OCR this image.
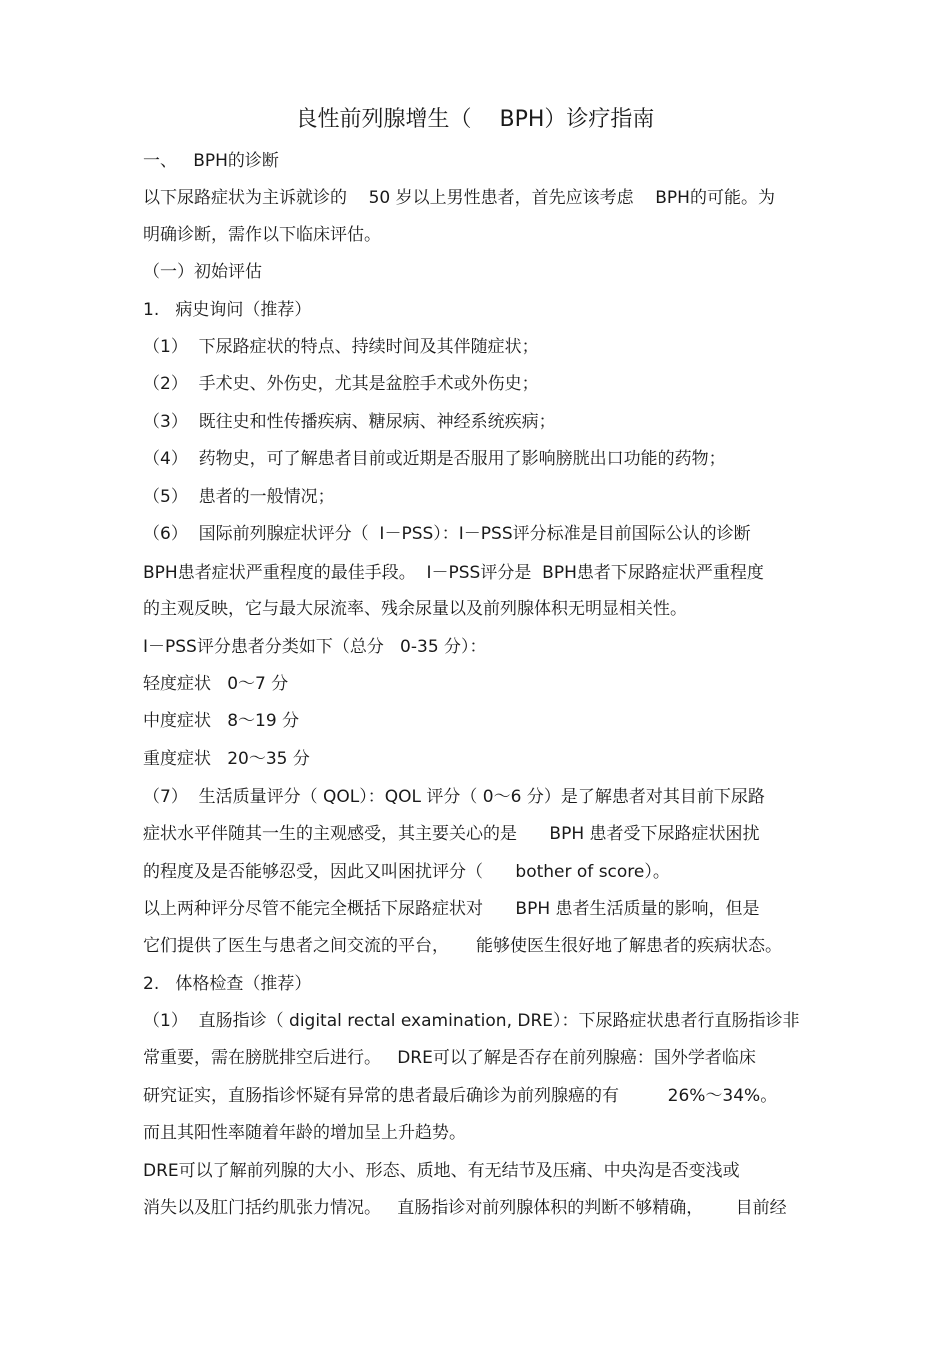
良性前列腺增生（    BPH）诊疗指南
一、   BPH的诊断
以下尿路症状为主诉就诊的    50 岁以上男性患者，首先应该考虑    BPH的可能。为
明确诊断，需作以下临床评估。
（一）初始评估
1.   病史询问（推荐）
（1）  下尿路症状的特点、持续时间及其伴随症状；
（2）  手术史、外伤史，尤其是盆腔手术或外伤史；
（3）  既往史和性传播疾病、糖尿病、神经系统疾病；
（4）  药物史，可了解患者目前或近期是否服用了影响膀胱出口功能的药物；
（5）  患者的一般情况；
（6）  国际前列腺症状评分（  I－PSS）：I－PSS评分标准是目前国际公认的诊断
BPH患者症状严重程度的最佳手段。  I－PSS评分是  BPH患者下尿路症状严重程度
的主观反映，它与最大尿流率、残余尿量以及前列腺体积无明显相关性。
I－PSS评分患者分类如下（总分   0-35 分）：
轻度症状   0～7 分
中度症状   8～19 分
重度症状   20～35 分
（7）  生活质量评分（ QOL）：QOL 评分（ 0～6 分）是了解患者对其目前下尿路
症状水平伴随其一生的主观感受，其主要关心的是      BPH 患者受下尿路症状困扰
的程度及是否能够忍受，因此又叫困扰评分（      bother of score）。
以上两种评分尽管不能完全概括下尿路症状对      BPH 患者生活质量的影响，但是
它们提供了医生与患者之间交流的平台，     能够使医生很好地了解患者的疾病状态。
2.   体格检查（推荐）
（1）  直肠指诊（ digital rectal examination, DRE）：下尿路症状患者行直肠指诊非
常重要，需在膀胱排空后进行。   DRE可以了解是否存在前列腺癌：国外学者临床
研究证实，直肠指诊怀疑有异常的患者最后确诊为前列腺癌的有         26%～34%。
而且其阳性率随着年龄的增加呈上升趋势。
DRE可以了解前列腺的大小、形态、质地、有无结节及压痛、中央沟是否变浅或
消失以及肛门括约肌张力情况。   直肠指诊对前列腺体积的判断不够精确，      目前经
